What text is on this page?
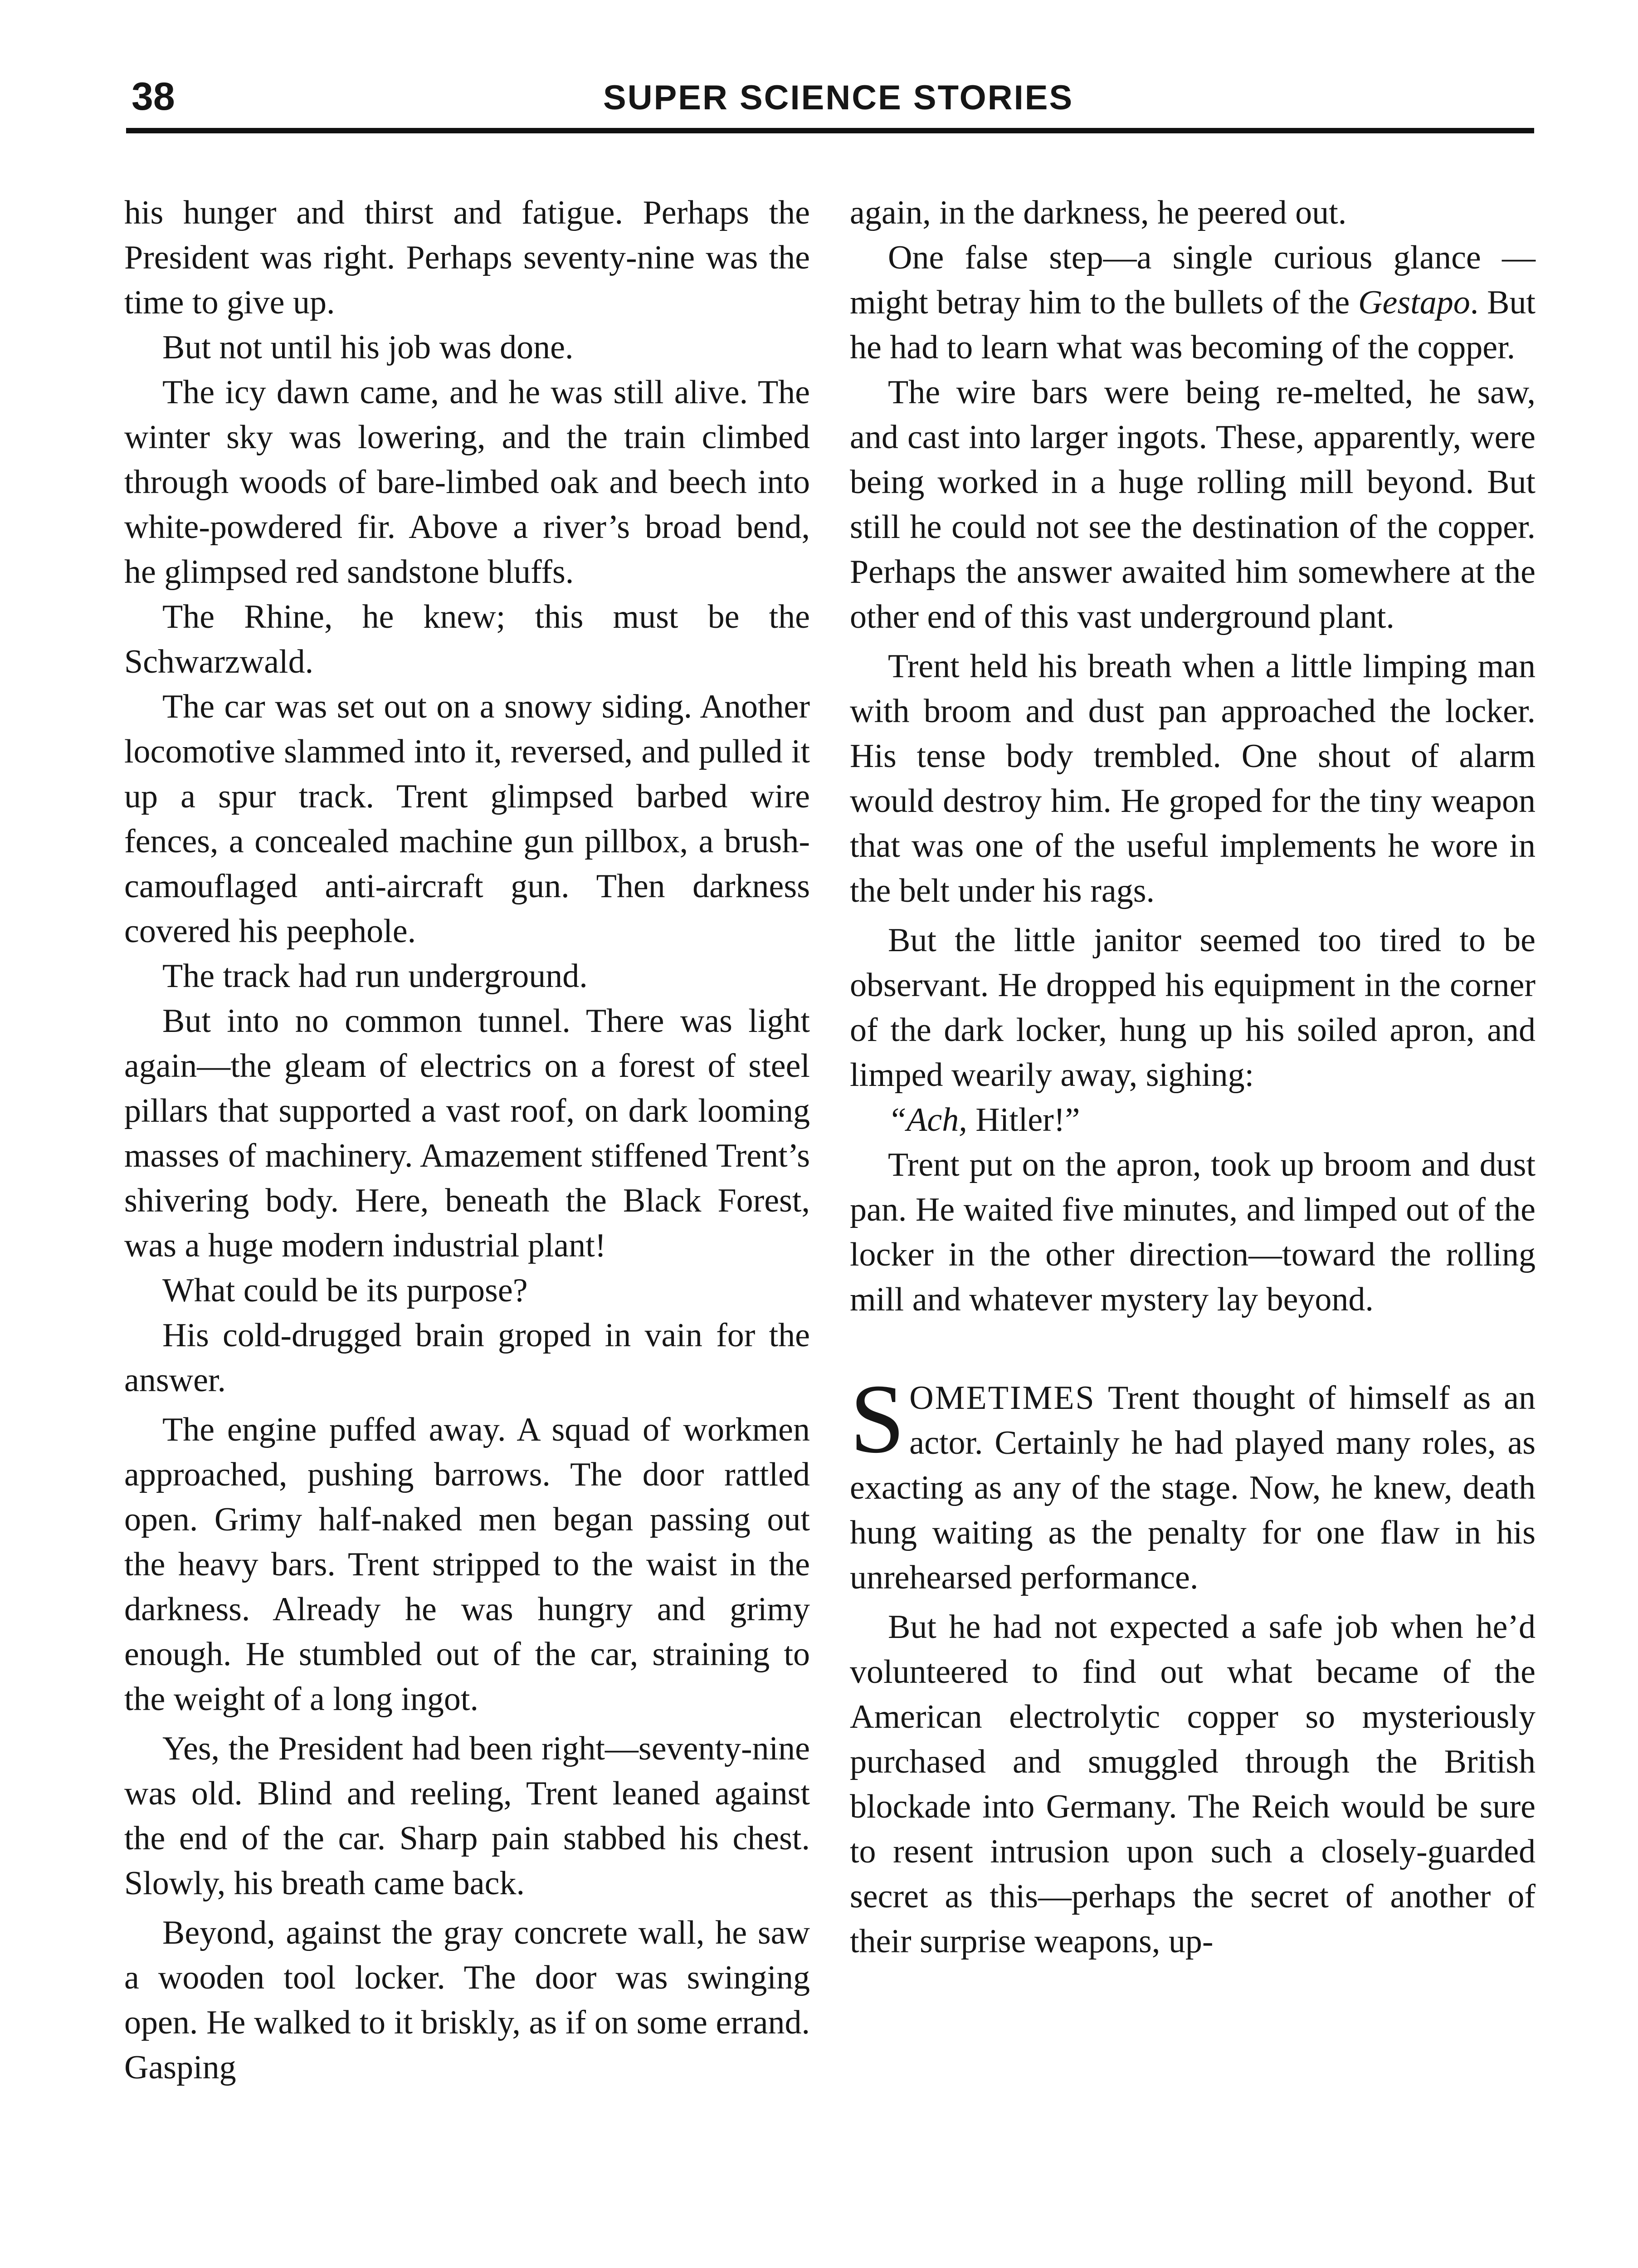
38	SUPER SCIENCE STORIES

his hunger and thirst and fatigue. Perhaps the President was right. Perhaps seventy-nine was the time to give up.

But not until his job was done.

The icy dawn came, and he was still alive. The winter sky was lowering, and the train climbed through woods of bare-limbed oak and beech into white-powdered fir. Above a river’s broad bend, he glimpsed red sandstone bluffs.

The Rhine, he knew; this must be the Schwarzwald.

The car was set out on a snowy siding. Another locomotive slammed into it, reversed, and pulled it up a spur track. Trent glimpsed barbed wire fences, a concealed machine gun pillbox, a brush-camouflaged anti-aircraft gun. Then darkness covered his peephole.

The track had run underground.

But into no common tunnel. There was light again—the gleam of electrics on a forest of steel pillars that supported a vast roof, on dark looming masses of machinery. Amazement stiffened Trent’s shivering body. Here, beneath the Black Forest, was a huge modern industrial plant!

What could be its purpose?

His cold-drugged brain groped in vain for the answer.

The engine puffed away. A squad of workmen approached, pushing barrows. The door rattled open. Grimy half-naked men began passing out the heavy bars. Trent stripped to the waist in the darkness. Already he was hungry and grimy enough. He stumbled out of the car, straining to the weight of a long ingot.

Yes, the President had been right—seventy-nine was old. Blind and reeling, Trent leaned against the end of the car. Sharp pain stabbed his chest. Slowly, his breath came back.

Beyond, against the gray concrete wall, he saw a wooden tool locker. The door was swinging open. He walked to it briskly, as if on some errand. Gasping

again, in the darkness, he peered out.

One false step—a single curious glance —might betray him to the bullets of the Gestapo. But he had to learn what was becoming of the copper.

The wire bars were being re-melted, he saw, and cast into larger ingots. These, apparently, were being worked in a huge rolling mill beyond. But still he could not see the destination of the copper. Perhaps the answer awaited him somewhere at the other end of this vast underground plant.

Trent held his breath when a little limping man with broom and dust pan approached the locker. His tense body trembled. One shout of alarm would destroy him. He groped for the tiny weapon that was one of the useful implements he wore in the belt under his rags.

But the little janitor seemed too tired to be observant. He dropped his equipment in the corner of the dark locker, hung up his soiled apron, and limped wearily away, sighing:

“Ach, Hitler!”

Trent put on the apron, took up broom and dust pan. He waited five minutes, and limped out of the locker in the other direction—toward the rolling mill and whatever mystery lay beyond.

SOMETIMES Trent thought of himself as an actor. Certainly he had played many roles, as exacting as any of the stage. Now, he knew, death hung waiting as the penalty for one flaw in his unrehearsed performance.

But he had not expected a safe job when he’d volunteered to find out what became of the American electrolytic copper so mysteriously purchased and smuggled through the British blockade into Germany. The Reich would be sure to resent intrusion upon such a closely-guarded secret as this—perhaps the secret of another of their surprise weapons, up-
